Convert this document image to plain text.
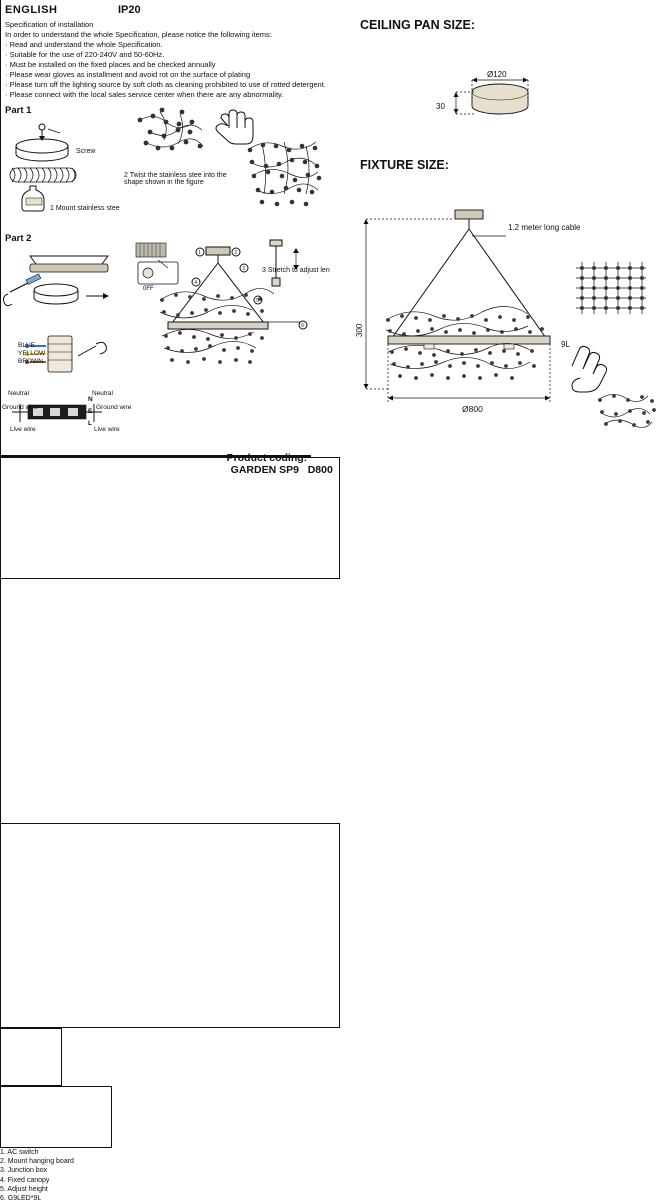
ENGLISH	IP20
Specification of installation
In order to understand the whole Specification, please notice the following items:
· Read and understand the whole Specification.
· Suitable for the use of 220-240V and 50-60Hz.
· Must be installed on the fixed places and be checked annually
· Please wear gloves as installment and avoid rot on the surface of plating
· Please turn off the lighting source by soft cloth as cleaning prohibited to use of rotted detergent.
· Please connect with the local sales service center when there are any abnormality.
Part 1
1 Mount stainless stee
2 Twist the stainless stee into the shape shown in the figure
Screw
Part 2
0FF
1	2
3
4
5
6
BLUE
YELLOW
BROWN
Neutral	Neutral
Ground wire	Ground wire
Live wire	Live wire
N
E
L
3 Stretch to adjust len
1. AC switch
2. Mount hanging board
3. Junction box
4. Fixed canopy
5. Adjust height
6. G9LED*9L

Product coding:
GARDEN SP9   D800

CEILING PAN SIZE:
Ø120
30
FIXTURE SIZE:
1.2 meter long cable
300
Ø800
9L
